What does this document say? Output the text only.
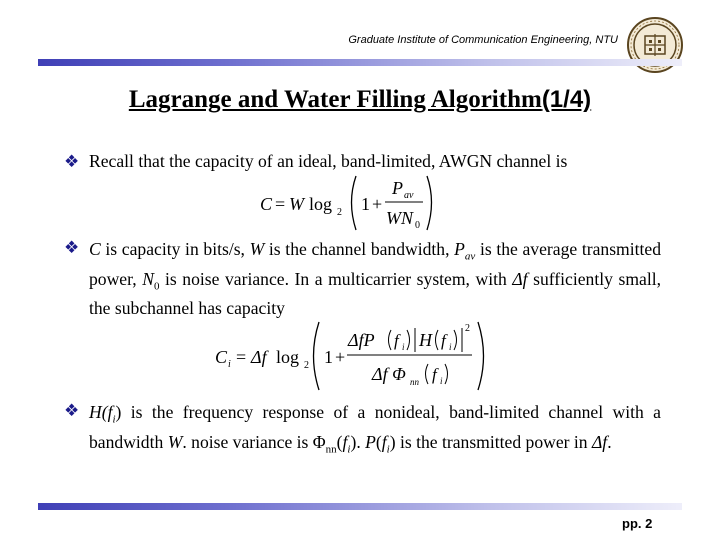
Graduate Institute of Communication Engineering, NTU
Lagrange and Water Filling Algorithm(1/4)
❖ Recall that the capacity of an ideal, band-limited, AWGN channel is
C = W log 2 1 +
P av
WN 0
❖ C is capacity in bits/s, W is the channel bandwidth, $P_{av}$ is the average transmitted power, $N_0$ is noise variance. In a multicarrier system, with Δf sufficiently small, the subchannel has capacity
C i = Δf log 2 1 +
ΔfP f i H f i
2
Δf Φ nn f i
❖ $H(f_i)$ is the frequency response of a nonideal, band-limited channel with a bandwidth W. noise variance is $\Phi_{nn}(f_i)$. $P(f_i)$ is the transmitted power in Δf.
pp. 2
